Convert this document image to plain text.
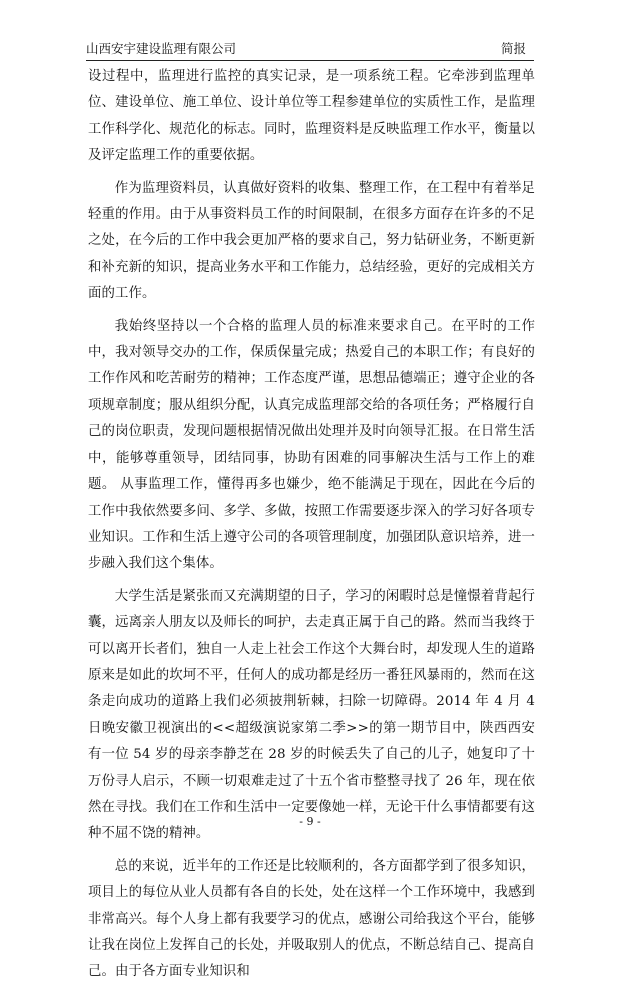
山西安宇建设监理有限公司	简报

设过程中，监理进行监控的真实记录，是一项系统工程。它牵涉到监理单位、建设单位、施工单位、设计单位等工程参建单位的实质性工作，是监理工作科学化、规范化的标志。同时，监理资料是反映监理工作水平，衡量以及评定监理工作的重要依据。

作为监理资料员，认真做好资料的收集、整理工作，在工程中有着举足轻重的作用。由于从事资料员工作的时间限制，在很多方面存在许多的不足之处，在今后的工作中我会更加严格的要求自己，努力钻研业务，不断更新和补充新的知识，提高业务水平和工作能力，总结经验，更好的完成相关方面的工作。

我始终坚持以一个合格的监理人员的标准来要求自己。在平时的工作中，我对领导交办的工作，保质保量完成；热爱自己的本职工作；有良好的工作作风和吃苦耐劳的精神；工作态度严谨，思想品德端正；遵守企业的各项规章制度；服从组织分配，认真完成监理部交给的各项任务；严格履行自己的岗位职责，发现问题根据情况做出处理并及时向领导汇报。在日常生活中，能够尊重领导，团结同事，协助有困难的同事解决生活与工作上的难题。 从事监理工作，懂得再多也嫌少，绝不能满足于现在，因此在今后的工作中我依然要多问、多学、多做，按照工作需要逐步深入的学习好各项专业知识。工作和生活上遵守公司的各项管理制度，加强团队意识培养，进一步融入我们这个集体。

大学生活是紧张而又充满期望的日子，学习的闲暇时总是憧憬着背起行囊，远离亲人朋友以及师长的呵护，去走真正属于自己的路。然而当我终于可以离开长者们，独自一人走上社会工作这个大舞台时，却发现人生的道路原来是如此的坎坷不平，任何人的成功都是经历一番狂风暴雨的，然而在这条走向成功的道路上我们必须披荆斩棘，扫除一切障碍。2014 年 4 月 4 日晚安徽卫视演出的<<超级演说家第二季>>的第一期节目中，陕西西安有一位 54 岁的母亲李静芝在 28 岁的时候丢失了自己的儿子，她复印了十万份寻人启示，不顾一切艰难走过了十五个省市整整寻找了 26 年，现在依然在寻找。我们在工作和生活中一定要像她一样，无论干什么事情都要有这种不屈不饶的精神。

总的来说，近半年的工作还是比较顺利的，各方面都学到了很多知识，项目上的每位从业人员都有各自的长处，处在这样一个工作环境中，我感到非常高兴。每个人身上都有我要学习的优点，感谢公司给我这个平台，能够让我在岗位上发挥自己的长处，并吸取别人的优点，不断总结自己、提高自己。由于各方面专业知识和

- 9 -
